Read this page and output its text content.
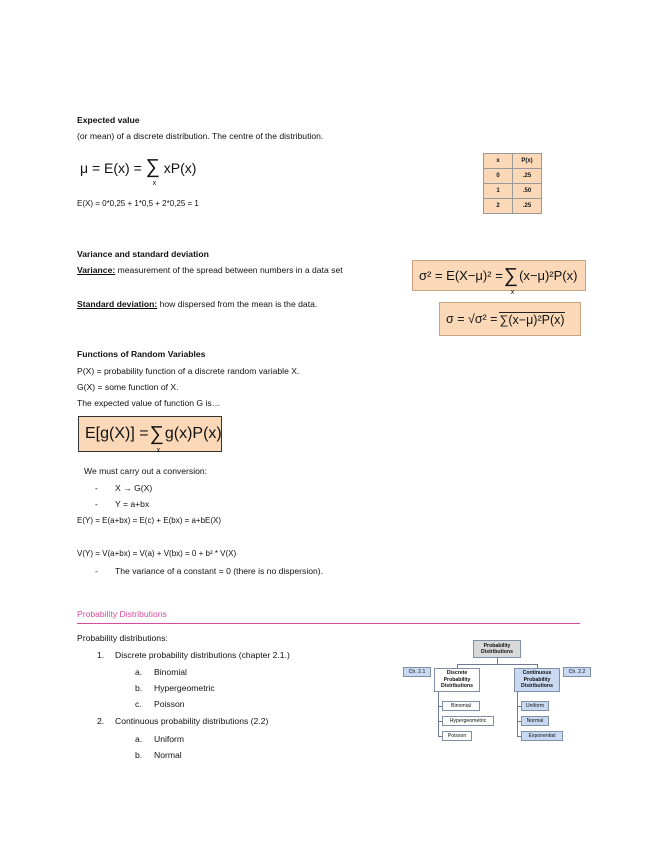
Expected value
(or mean) of a discrete distribution. The centre of the distribution.
μ = E(x) = ∑
x
xP(x)
E(X) = 0*0,25 + 1*0,5 + 2*0,25 = 1
x	P(x)
0	.25
1	.50
2	.25
Variance and standard deviation
Variance: measurement of the spread between numbers in a data set
Standard deviation: how dispersed from the mean is the data.
σ² = E(X−μ)² = ∑
x
(x−μ)²P(x)
σ = √σ² = ∑(x−μ)²P(x)
Functions of Random Variables
P(X) = probability function of a discrete random variable X.
G(X) = some function of X.
The expected value of function G is…
E[g(X)] = ∑
x
g(x)P(x)
We must carry out a conversion:
- X → G(X)
- Y = a+bx
E(Y) = E(a+bx) = E(c) + E(bx) = a+bE(X)
V(Y) = V(a+bx) = V(a) + V(bx) = 0 + b² * V(X)
- The variance of a constant = 0 (there is no dispersion).
Probability Distributions
Probability distributions:
1. Discrete probability distributions (chapter 2.1.)
a. Binomial
b. Hypergeometric
c. Poisson
2. Continuous probability distributions (2.2)
a. Uniform
b. Normal
Probability Distributions
Ch. 2.1	Discrete Probability Distributions
Continuous Probability Distributions
Ch. 2.2
Binomial
Hypergeometric
Poisson
Uniform
Normal
Exponential
